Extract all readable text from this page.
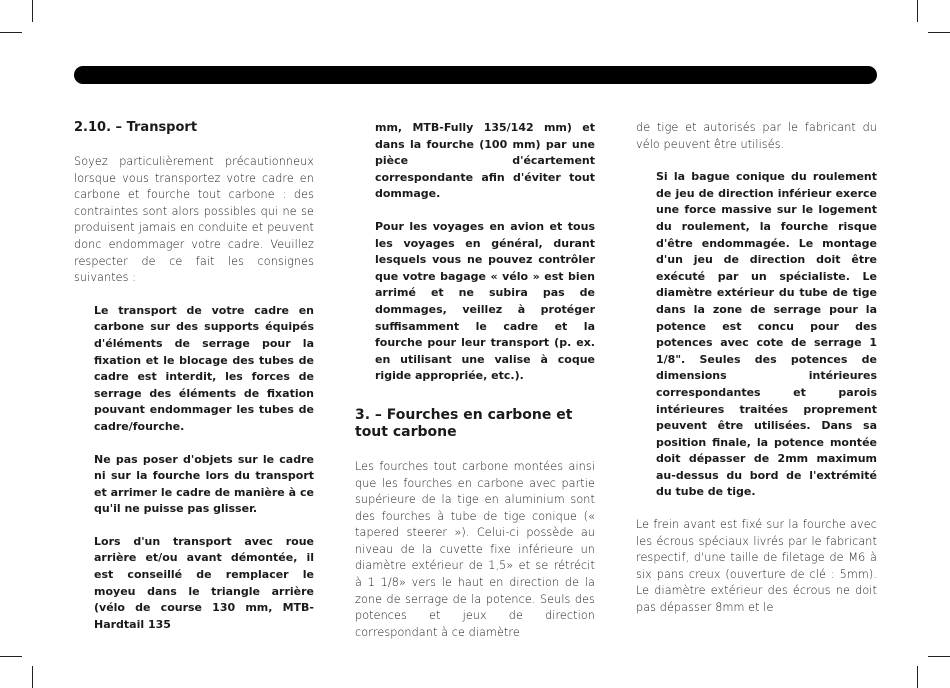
2.10. – Transport

Soyez particulièrement précautionneux lorsque vous transportez votre cadre en carbone et fourche tout carbone : des contraintes sont alors possibles qui ne se produisent jamais en conduite et peuvent donc endommager votre cadre. Veuillez respecter de ce fait les consignes suivantes :

Le transport de votre cadre en carbone sur des supports équipés d'éléments de serrage pour la fixation et le blocage des tubes de cadre est interdit, les forces de serrage des éléments de fixation pouvant endommager les tubes de cadre/fourche.

Ne pas poser d'objets sur le cadre ni sur la fourche lors du transport et arrimer le cadre de manière à ce qu'il ne puisse pas glisser.

Lors d'un transport avec roue arrière et/ou avant démontée, il est conseillé de remplacer le moyeu dans le triangle arrière (vélo de course 130 mm, MTB-Hardtail 135

mm, MTB-Fully 135/142 mm) et dans la fourche (100 mm) par une pièce d'écartement correspondante afin d'éviter tout dommage.

Pour les voyages en avion et tous les voyages en général, durant lesquels vous ne pouvez contrôler que votre bagage « vélo » est bien arrimé et ne subira pas de dommages, veillez à protéger suffisamment le cadre et la fourche pour leur transport (p. ex. en utilisant une valise à coque rigide appropriée, etc.).

3. – Fourches en carbone et
tout carbone

Les fourches tout carbone montées ainsi que les fourches en carbone avec partie supérieure de la tige en aluminium sont des fourches à tube de tige conique (« tapered steerer »). Celui-ci possède au niveau de la cuvette fixe inférieure un diamètre extérieur de 1,5» et se rétrécit à 1 1/8» vers le haut en direction de la zone de serrage de la potence. Seuls des potences et jeux de direction correspondant à ce diamètre

de tige et autorisés par le fabricant du vélo peuvent être utilisés.

Si la bague conique du roulement de jeu de direction inférieur exerce une force massive sur le logement du roulement, la fourche risque d'être endommagée. Le montage d'un jeu de direction doit être exécuté par un spécialiste. Le diamètre extérieur du tube de tige dans la zone de serrage pour la potence est concu pour des potences avec cote de serrage 1 1/8". Seules des potences de dimensions intérieures correspondantes et parois intérieures traitées proprement peuvent être utilisées. Dans sa position finale, la potence montée doit dépasser de 2mm maximum au-dessus du bord de l'extrémité du tube de tige.

Le frein avant est fixé sur la fourche avec les écrous spéciaux livrés par le fabricant respectif, d'une taille de filetage de M6 à six pans creux (ouverture de clé : 5mm). Le diamètre extérieur des écrous ne doit pas dépasser 8mm et le
